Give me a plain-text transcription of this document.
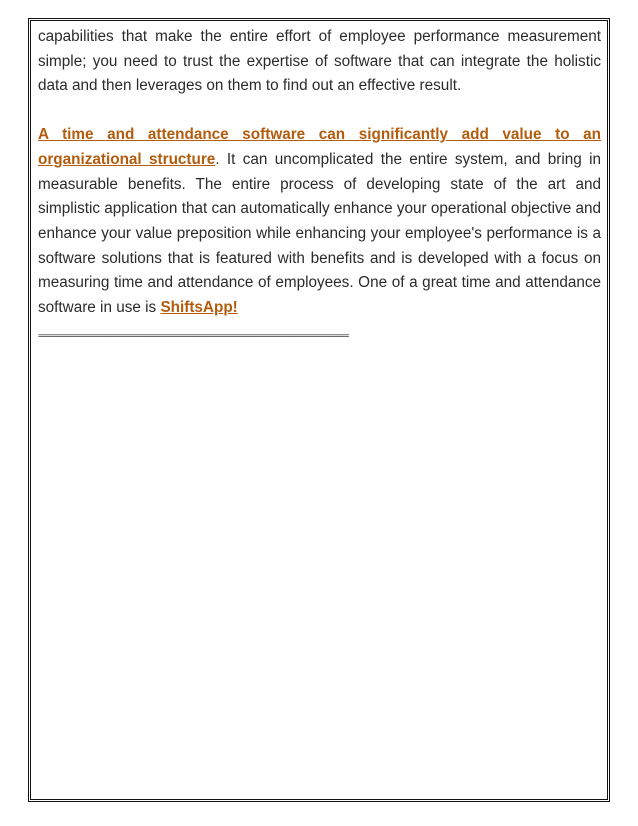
capabilities that make the entire effort of employee performance measurement simple; you need to trust the expertise of software that can integrate the holistic data and then leverages on them to find out an effective result.

A time and attendance software can significantly add value to an organizational structure. It can uncomplicated the entire system, and bring in measurable benefits. The entire process of developing state of the art and simplistic application that can automatically enhance your operational objective and enhance your value preposition while enhancing your employee's performance is a software solutions that is featured with benefits and is developed with a focus on measuring time and attendance of employees. One of a great time and attendance software in use is ShiftsApp!

===========================================================================================================================
